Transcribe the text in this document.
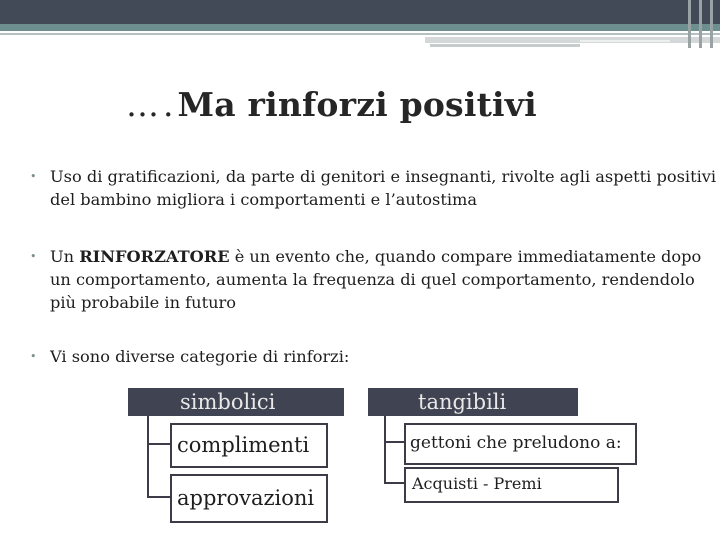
….Ma rinforzi positivi
• Uso di gratificazioni, da parte di genitori e insegnanti, rivolte agli aspetti positivi del bambino migliora i comportamenti e l’autostima
• Un RINFORZATORE è un evento che, quando compare immediatamente dopo un comportamento, aumenta la frequenza di quel comportamento, rendendolo più probabile in futuro
• Vi sono diverse categorie di rinforzi:
simbolici
complimenti
approvazioni
tangibili
gettoni che preludono a:
Acquisti - Premi
